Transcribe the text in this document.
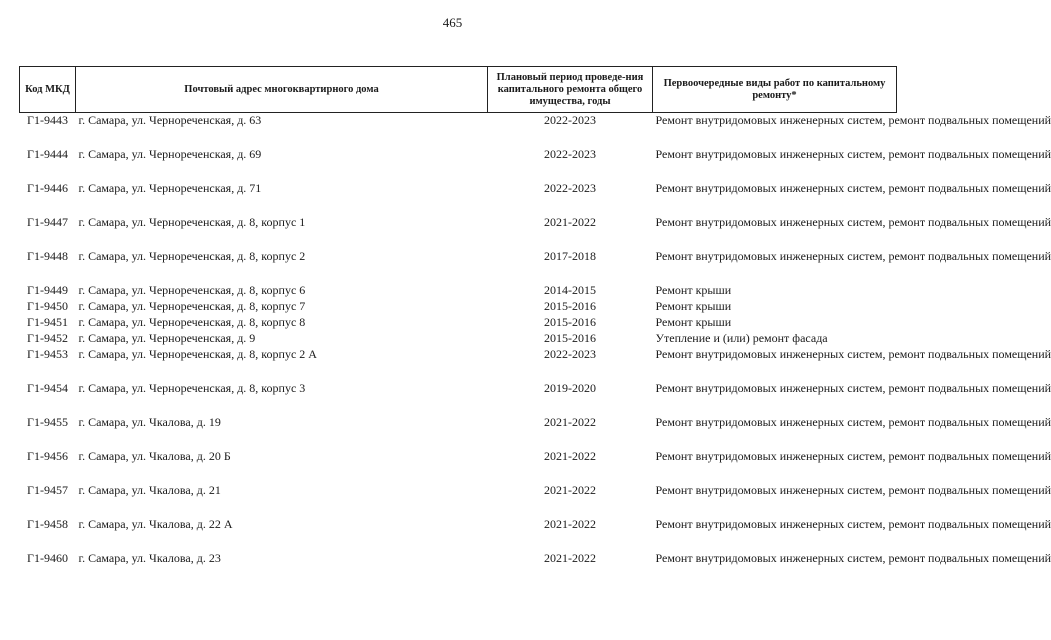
465
Код МКД	Почтовый адрес многоквартирного дома	Плановый период проведе-ния капитального ремонта общего имущества, годы	Первоочередные виды работ по капитальному ремонту*
Г1-9443	г. Самара, ул. Чернореченская, д. 63	2022-2023	Ремонт внутридомовых инженерных систем, ремонт подвальных помещений
Г1-9444	г. Самара, ул. Чернореченская, д. 69	2022-2023	Ремонт внутридомовых инженерных систем, ремонт подвальных помещений
Г1-9446	г. Самара, ул. Чернореченская, д. 71	2022-2023	Ремонт внутридомовых инженерных систем, ремонт подвальных помещений
Г1-9447	г. Самара, ул. Чернореченская, д. 8, корпус 1	2021-2022	Ремонт внутридомовых инженерных систем, ремонт подвальных помещений
Г1-9448	г. Самара, ул. Чернореченская, д. 8, корпус 2	2017-2018	Ремонт внутридомовых инженерных систем, ремонт подвальных помещений
Г1-9449	г. Самара, ул. Чернореченская, д. 8, корпус 6	2014-2015	Ремонт крыши
Г1-9450	г. Самара, ул. Чернореченская, д. 8, корпус 7	2015-2016	Ремонт крыши
Г1-9451	г. Самара, ул. Чернореченская, д. 8, корпус 8	2015-2016	Ремонт крыши
Г1-9452	г. Самара, ул. Чернореченская, д. 9	2015-2016	Утепление и (или) ремонт фасада
Г1-9453	г. Самара, ул. Чернореченская, д. 8, корпус 2 А	2022-2023	Ремонт внутридомовых инженерных систем, ремонт подвальных помещений
Г1-9454	г. Самара, ул. Чернореченская, д. 8, корпус 3	2019-2020	Ремонт внутридомовых инженерных систем, ремонт подвальных помещений
Г1-9455	г. Самара, ул. Чкалова, д. 19	2021-2022	Ремонт внутридомовых инженерных систем, ремонт подвальных помещений
Г1-9456	г. Самара, ул. Чкалова, д. 20 Б	2021-2022	Ремонт внутридомовых инженерных систем, ремонт подвальных помещений
Г1-9457	г. Самара, ул. Чкалова, д. 21	2021-2022	Ремонт внутридомовых инженерных систем, ремонт подвальных помещений
Г1-9458	г. Самара, ул. Чкалова, д. 22 А	2021-2022	Ремонт внутридомовых инженерных систем, ремонт подвальных помещений
Г1-9460	г. Самара, ул. Чкалова, д. 23	2021-2022	Ремонт внутридомовых инженерных систем, ремонт подвальных помещений
